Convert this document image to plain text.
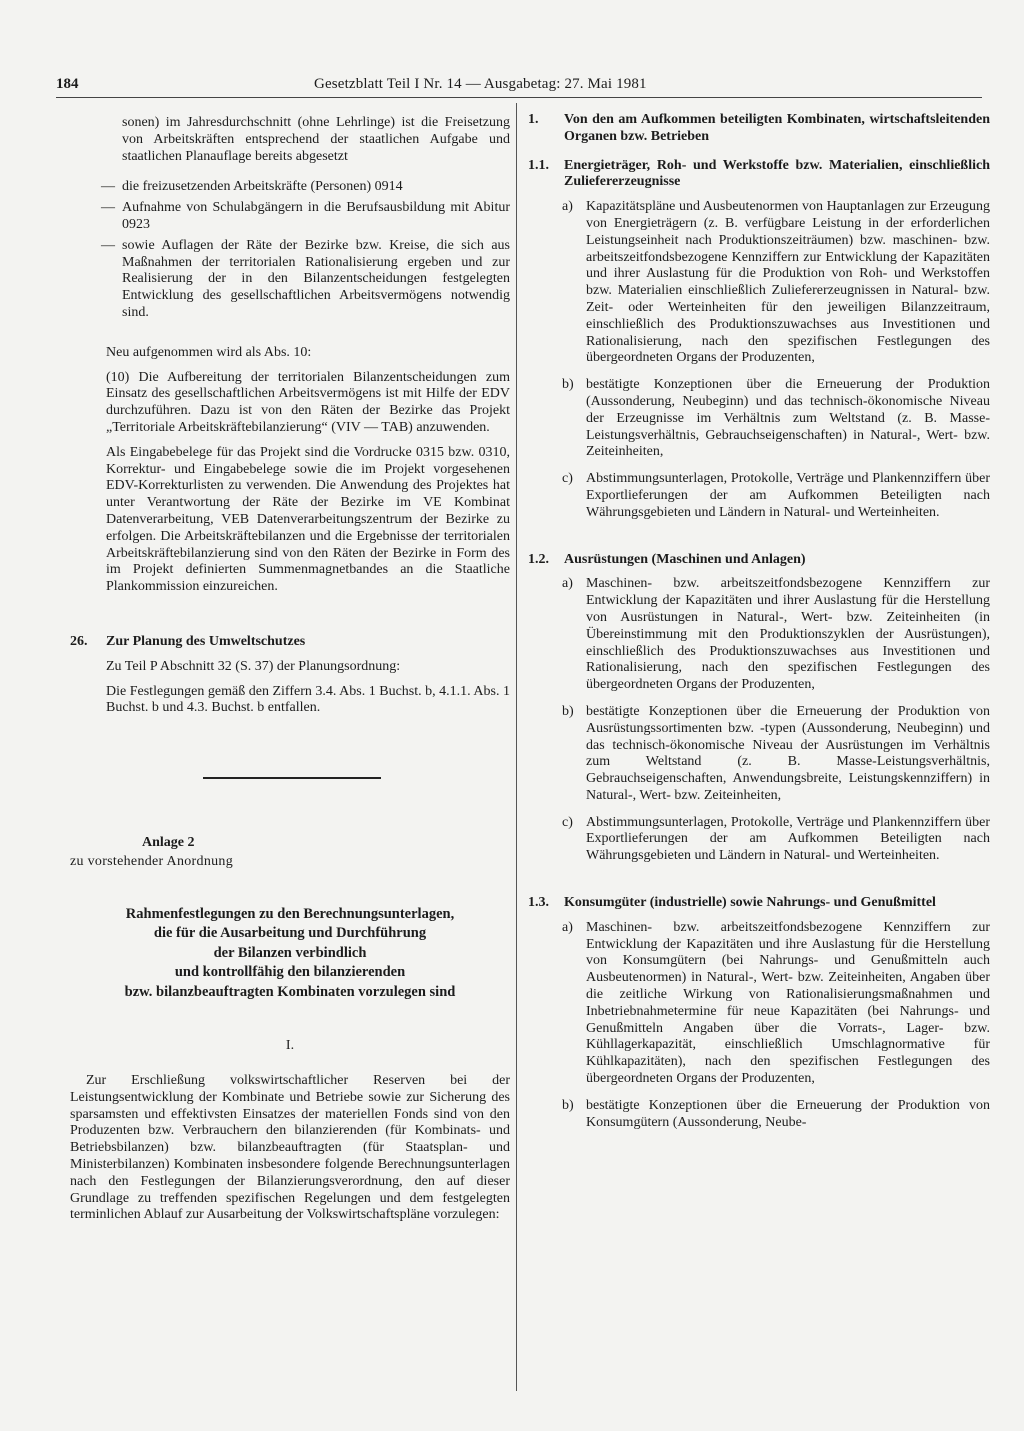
184	Gesetzblatt Teil I Nr. 14 — Ausgabetag: 27. Mai 1981

sonen) im Jahresdurchschnitt (ohne Lehrlinge) ist die Freisetzung von Arbeitskräften entsprechend der staatlichen Aufgabe und staatlichen Planauflage bereits abgesetzt

— die freizusetzenden Arbeitskräfte (Personen) 0914
— Aufnahme von Schulabgängern in die Berufsausbildung mit Abitur 0923
— sowie Auflagen der Räte der Bezirke bzw. Kreise, die sich aus Maßnahmen der territorialen Rationalisierung ergeben und zur Realisierung der in den Bilanzentscheidungen festgelegten Entwicklung des gesellschaftlichen Arbeitsvermögens notwendig sind.

Neu aufgenommen wird als Abs. 10:

(10) Die Aufbereitung der territorialen Bilanzentscheidungen zum Einsatz des gesellschaftlichen Arbeitsvermögens ist mit Hilfe der EDV durchzuführen. Dazu ist von den Räten der Bezirke das Projekt „Territoriale Arbeitskräftebilanzierung“ (VIV — TAB) anzuwenden.

Als Eingabebelege für das Projekt sind die Vordrucke 0315 bzw. 0310, Korrektur- und Eingabebelege sowie die im Projekt vorgesehenen EDV-Korrekturlisten zu verwenden. Die Anwendung des Projektes hat unter Verantwortung der Räte der Bezirke im VE Kombinat Datenverarbeitung, VEB Datenverarbeitungszentrum der Bezirke zu erfolgen. Die Arbeitskräftebilanzen und die Ergebnisse der territorialen Arbeitskräftebilanzierung sind von den Räten der Bezirke in Form des im Projekt definierten Summenmagnetbandes an die Staatliche Plankommission einzureichen.

26. Zur Planung des Umweltschutzes

Zu Teil P Abschnitt 32 (S. 37) der Planungsordnung:

Die Festlegungen gemäß den Ziffern 3.4. Abs. 1 Buchst. b, 4.1.1. Abs. 1 Buchst. b und 4.3. Buchst. b entfallen.

Anlage 2

zu vorstehender Anordnung

Rahmenfestlegungen zu den Berechnungsunterlagen,
die für die Ausarbeitung und Durchführung
der Bilanzen verbindlich
und kontrollfähig den bilanzierenden
bzw. bilanzbeauftragten Kombinaten vorzulegen sind

I.

Zur Erschließung volkswirtschaftlicher Reserven bei der Leistungsentwicklung der Kombinate und Betriebe sowie zur Sicherung des sparsamsten und effektivsten Einsatzes der materiellen Fonds sind von den Produzenten bzw. Verbrauchern den bilanzierenden (für Kombinats- und Betriebsbilanzen) bzw. bilanzbeauftragten (für Staatsplan- und Ministerbilanzen) Kombinaten insbesondere folgende Berechnungsunterlagen nach den Festlegungen der Bilanzierungsverordnung, den auf dieser Grundlage zu treffenden spezifischen Regelungen und dem festgelegten terminlichen Ablauf zur Ausarbeitung der Volkswirtschaftspläne vorzulegen:

1. Von den am Aufkommen beteiligten Kombinaten, wirtschaftsleitenden Organen bzw. Betrieben
1.1. Energieträger, Roh- und Werkstoffe bzw. Materialien, einschließlich Zuliefererzeugnisse
a) Kapazitätspläne und Ausbeutenormen von Hauptanlagen zur Erzeugung von Energieträgern (z. B. verfügbare Leistung in der erforderlichen Leistungseinheit nach Produktionszeiträumen) bzw. maschinen- bzw. arbeitszeitfondsbezogene Kennziffern zur Entwicklung der Kapazitäten und ihrer Auslastung für die Produktion von Roh- und Werkstoffen bzw. Materialien einschließlich Zuliefererzeugnissen in Natural- bzw. Zeit- oder Werteinheiten für den jeweiligen Bilanzzeitraum, einschließlich des Produktionszuwachses aus Investitionen und Rationalisierung, nach den spezifischen Festlegungen des übergeordneten Organs der Produzenten,
b) bestätigte Konzeptionen über die Erneuerung der Produktion (Aussonderung, Neubeginn) und das technisch-ökonomische Niveau der Erzeugnisse im Verhältnis zum Weltstand (z. B. Masse-Leistungsverhältnis, Gebrauchseigenschaften) in Natural-, Wert- bzw. Zeiteinheiten,
c) Abstimmungsunterlagen, Protokolle, Verträge und Plankennziffern über Exportlieferungen der am Aufkommen Beteiligten nach Währungsgebieten und Ländern in Natural- und Werteinheiten.
1.2. Ausrüstungen (Maschinen und Anlagen)
a) Maschinen- bzw. arbeitszeitfondsbezogene Kennziffern zur Entwicklung der Kapazitäten und ihrer Auslastung für die Herstellung von Ausrüstungen in Natural-, Wert- bzw. Zeiteinheiten (in Übereinstimmung mit den Produktionszyklen der Ausrüstungen), einschließlich des Produktionszuwachses aus Investitionen und Rationalisierung, nach den spezifischen Festlegungen des übergeordneten Organs der Produzenten,
b) bestätigte Konzeptionen über die Erneuerung der Produktion von Ausrüstungssortimenten bzw. -typen (Aussonderung, Neubeginn) und das technisch-ökonomische Niveau der Ausrüstungen im Verhältnis zum Weltstand (z. B. Masse-Leistungsverhältnis, Gebrauchseigenschaften, Anwendungsbreite, Leistungskennziffern) in Natural-, Wert- bzw. Zeiteinheiten,
c) Abstimmungsunterlagen, Protokolle, Verträge und Plankennziffern über Exportlieferungen der am Aufkommen Beteiligten nach Währungsgebieten und Ländern in Natural- und Werteinheiten.
1.3. Konsumgüter (industrielle) sowie Nahrungs- und Genußmittel
a) Maschinen- bzw. arbeitszeitfondsbezogene Kennziffern zur Entwicklung der Kapazitäten und ihre Auslastung für die Herstellung von Konsumgütern (bei Nahrungs- und Genußmitteln auch Ausbeutenormen) in Natural-, Wert- bzw. Zeiteinheiten, Angaben über die zeitliche Wirkung von Rationalisierungsmaßnahmen und Inbetriebnahmetermine für neue Kapazitäten (bei Nahrungs- und Genußmitteln Angaben über die Vorrats-, Lager- bzw. Kühllagerkapazität, einschließlich Umschlagnormative für Kühlkapazitäten), nach den spezifischen Festlegungen des übergeordneten Organs der Produzenten,
b) bestätigte Konzeptionen über die Erneuerung der Produktion von Konsumgütern (Aussonderung, Neube-
